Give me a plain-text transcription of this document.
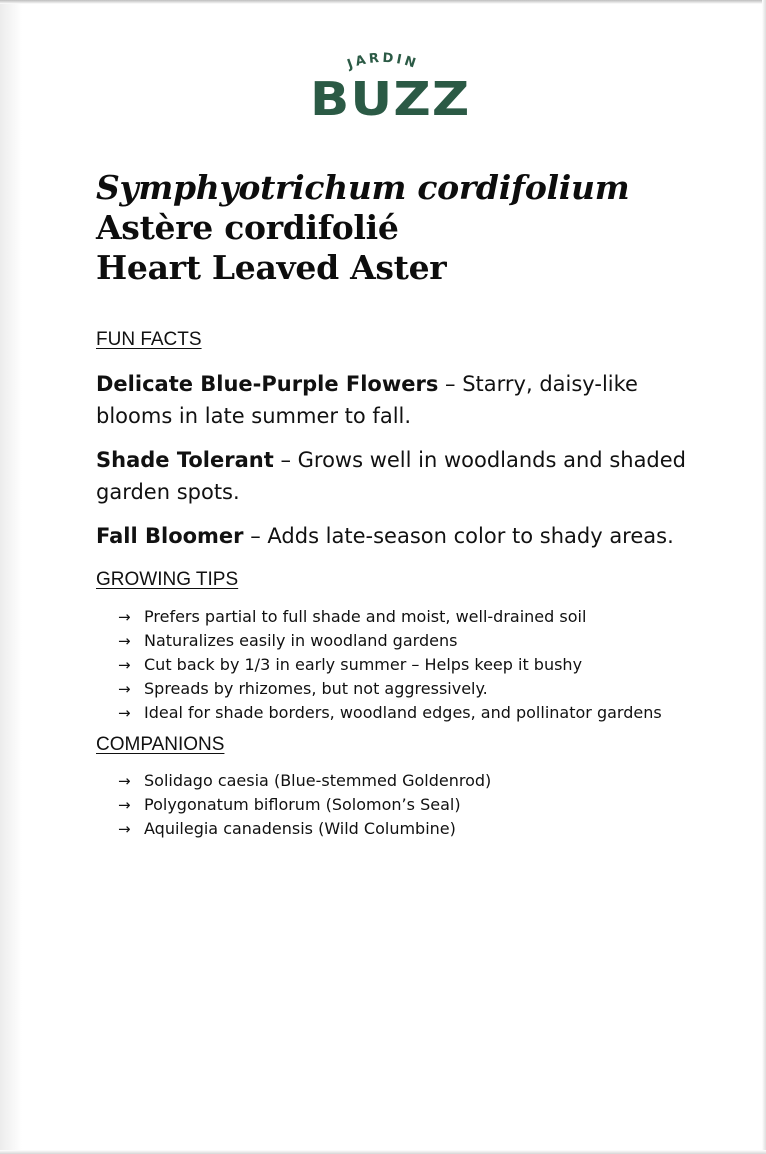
JARDIN
BUZZ
Symphyotrichum cordifolium
Astère cordifolié
Heart Leaved Aster
FUN FACTS
Delicate Blue-Purple Flowers – Starry, daisy-like blooms in late summer to fall.
Shade Tolerant – Grows well in woodlands and shaded garden spots.
Fall Bloomer – Adds late-season color to shady areas.
GROWING TIPS
→ Prefers partial to full shade and moist, well-drained soil
→ Naturalizes easily in woodland gardens
→ Cut back by 1/3 in early summer – Helps keep it bushy
→ Spreads by rhizomes, but not aggressively.
→ Ideal for shade borders, woodland edges, and pollinator gardens
COMPANIONS
→ Solidago caesia (Blue-stemmed Goldenrod)
→ Polygonatum biflorum (Solomon’s Seal)
→ Aquilegia canadensis (Wild Columbine)
